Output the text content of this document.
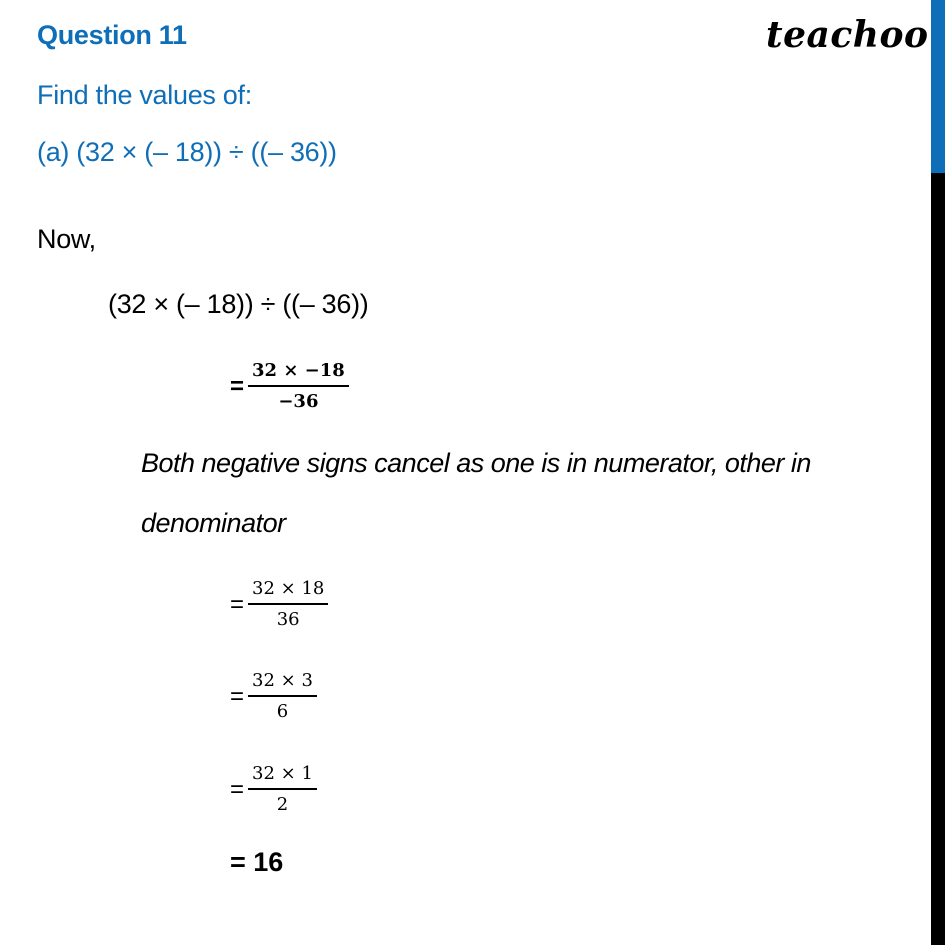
Question 11
Find the values of:
(a) (32 × (– 18)) ÷ ((– 36))
teachoo
Now,
(32 × (– 18)) ÷ ((– 36))
= $\frac{32 \times -18}{-36}$
Both negative signs cancel as one is in numerator, other in
denominator
= $\frac{32 \times 18}{36}$
= $\frac{32 \times 3}{6}$
= $\frac{32 \times 1}{2}$
= 16
